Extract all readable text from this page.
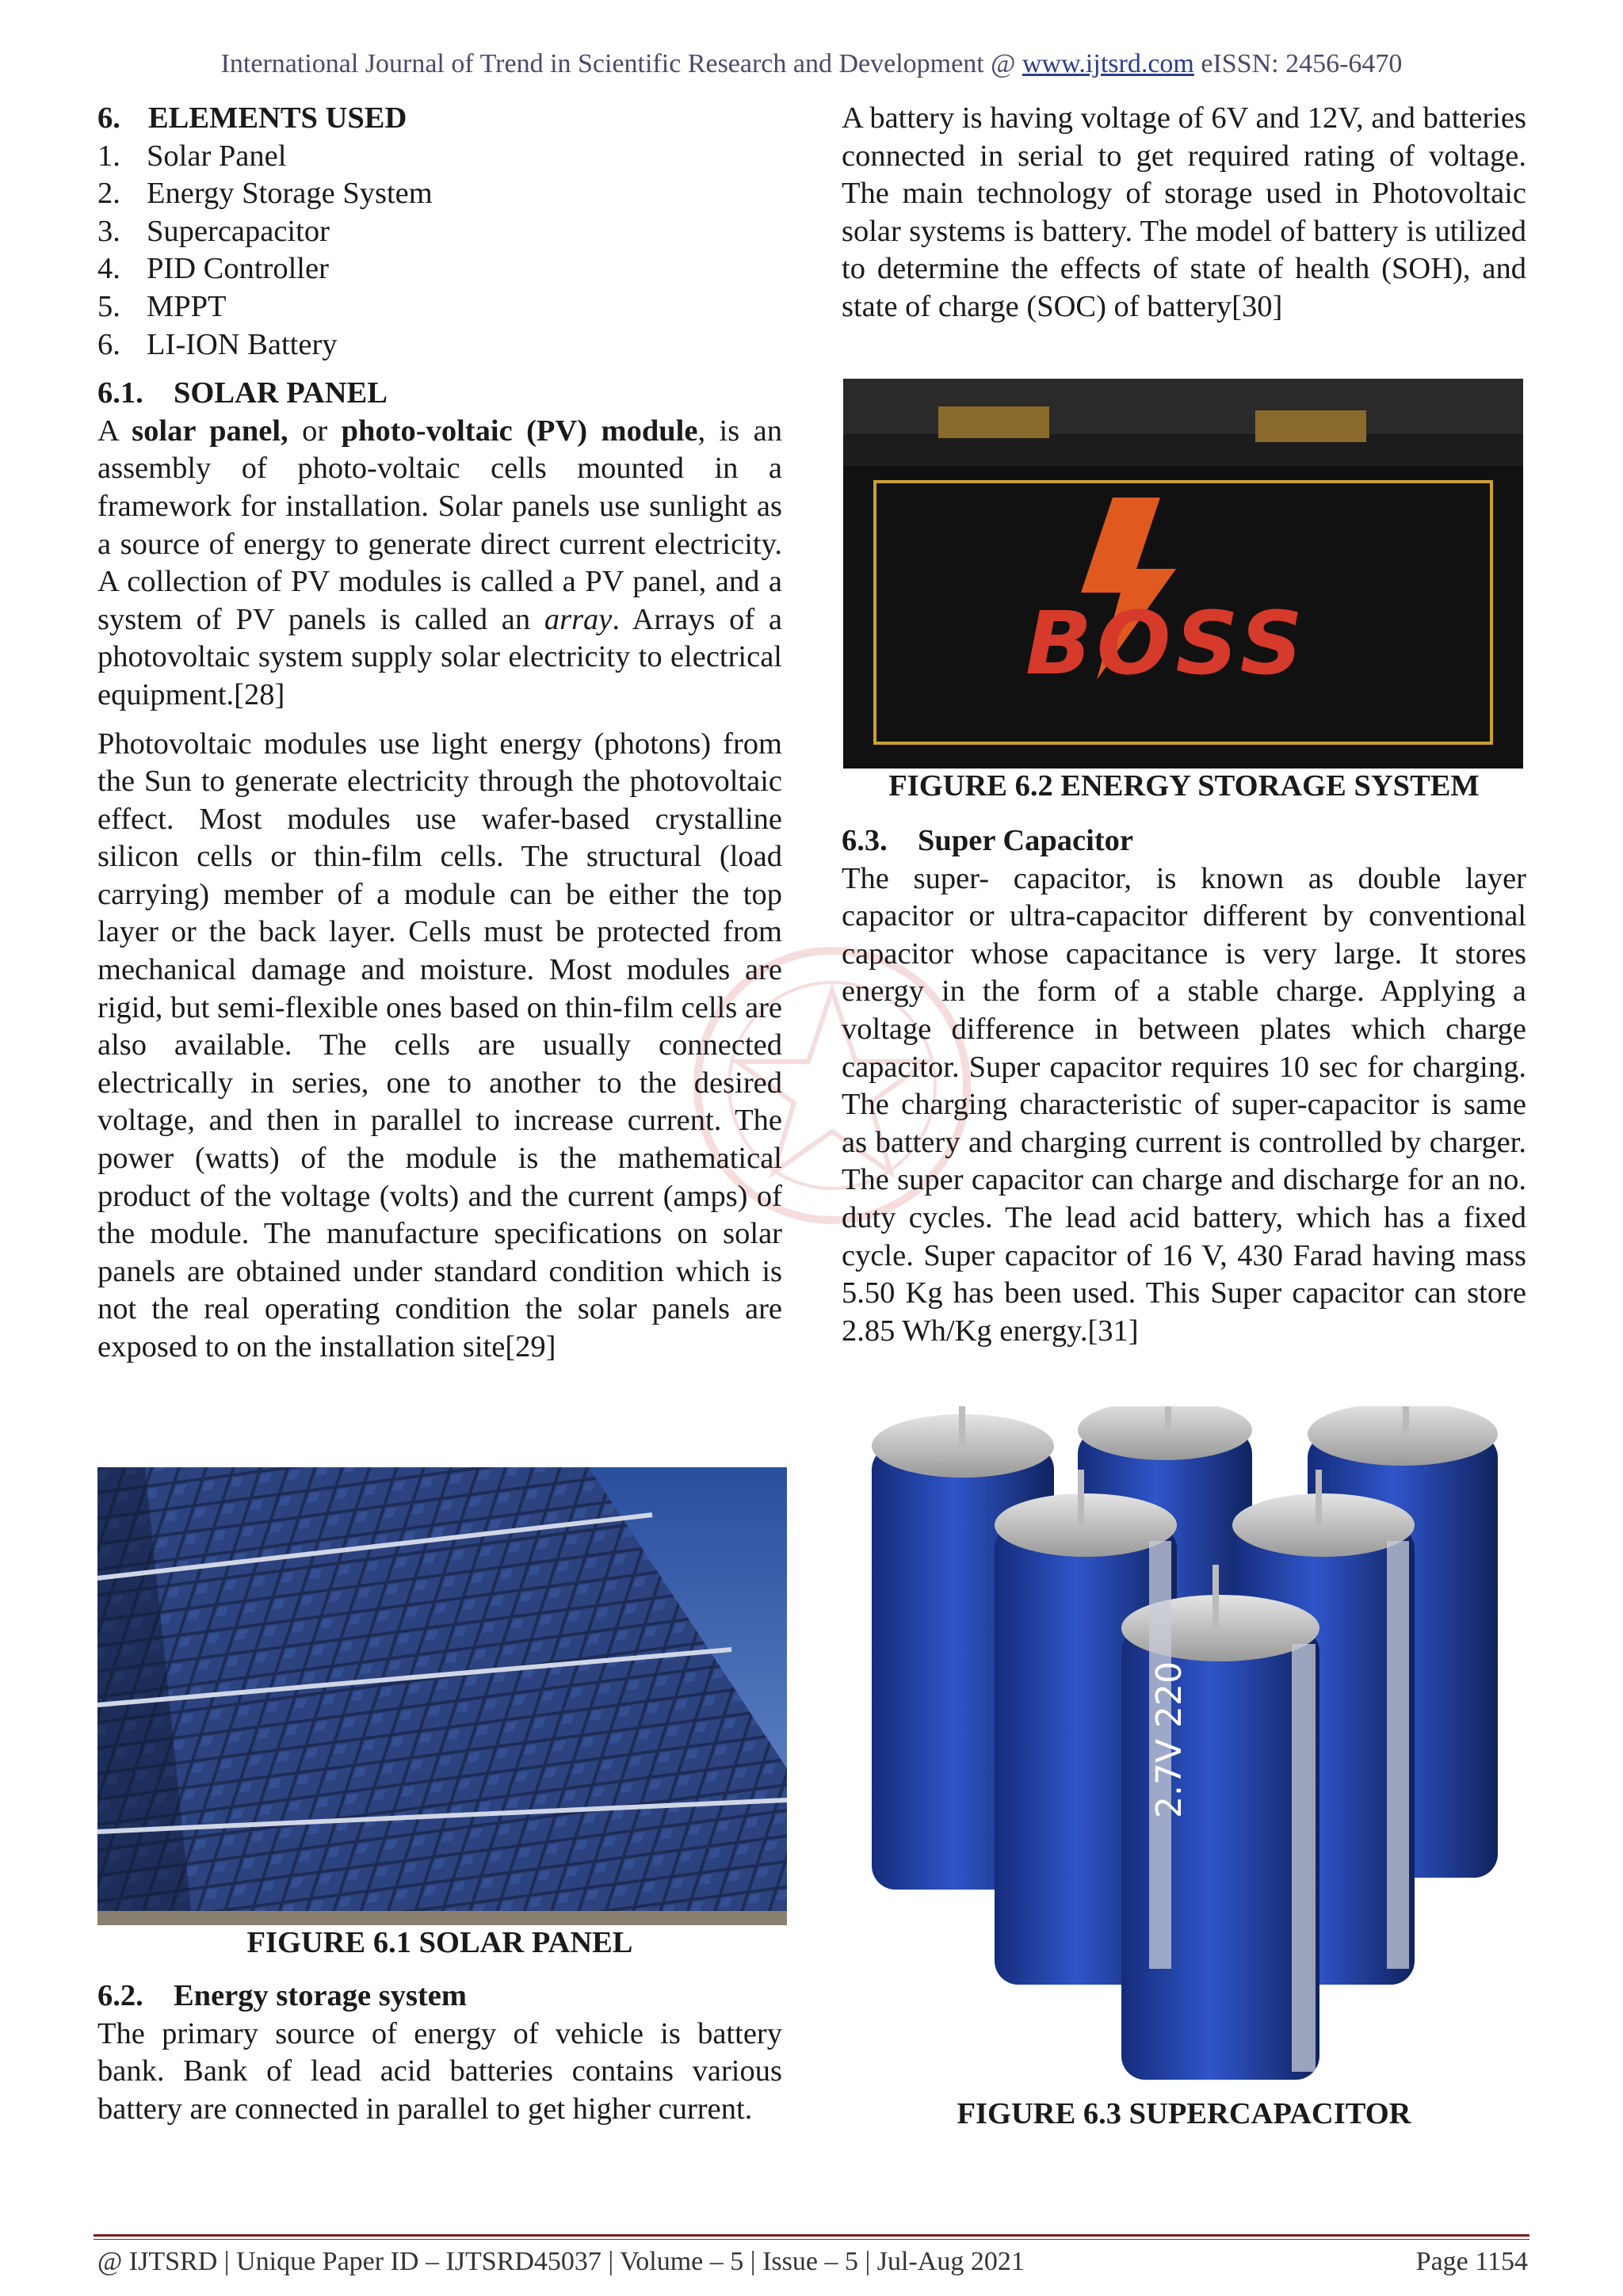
International Journal of Trend in Scientific Research and Development @ www.ijtsrd.com eISSN: 2456-6470
6. ELEMENTS USED
1. Solar Panel
2. Energy Storage System
3. Supercapacitor
4. PID Controller
5. MPPT
6. LI-ION Battery
6.1. SOLAR PANEL

A solar panel, or photo-voltaic (PV) module, is an assembly of photo-voltaic cells mounted in a framework for installation. Solar panels use sunlight as a source of energy to generate direct current electricity. A collection of PV modules is called a PV panel, and a system of PV panels is called an array. Arrays of a photovoltaic system supply solar electricity to electrical equipment.[28]

Photovoltaic modules use light energy (photons) from the Sun to generate electricity through the photovoltaic effect. Most modules use wafer-based crystalline silicon cells or thin-film cells. The structural (load carrying) member of a module can be either the top layer or the back layer. Cells must be protected from mechanical damage and moisture. Most modules are rigid, but semi-flexible ones based on thin-film cells are also available. The cells are usually connected electrically in series, one to another to the desired voltage, and then in parallel to increase current. The power (watts) of the module is the mathematical product of the voltage (volts) and the current (amps) of the module. The manufacture specifications on solar panels are obtained under standard condition which is not the real operating condition the solar panels are exposed to on the installation site[29]

FIGURE 6.1 SOLAR PANEL
6.2. Energy storage system

The primary source of energy of vehicle is battery bank. Bank of lead acid batteries contains various battery are connected in parallel to get higher current.

A battery is having voltage of 6V and 12V, and batteries connected in serial to get required rating of voltage. The main technology of storage used in Photovoltaic solar systems is battery. The model of battery is utilized to determine the effects of state of health (SOH), and state of charge (SOC) of battery[30]

BOSS
FIGURE 6.2 ENERGY STORAGE SYSTEM
6.3. Super Capacitor

The super- capacitor, is known as double layer capacitor or ultra-capacitor different by conventional capacitor whose capacitance is very large. It stores energy in the form of a stable charge. Applying a voltage difference in between plates which charge capacitor. Super capacitor requires 10 sec for charging. The charging characteristic of super-capacitor is same as battery and charging current is controlled by charger. The super capacitor can charge and discharge for an no. duty cycles. The lead acid battery, which has a fixed cycle. Super capacitor of 16 V, 430 Farad having mass 5.50 Kg has been used. This Super capacitor can store 2.85 Wh/Kg energy.[31]

2.7V 220
FIGURE 6.3 SUPERCAPACITOR
@ IJTSRD | Unique Paper ID – IJTSRD45037 | Volume – 5 | Issue – 5 | Jul-Aug 2021	Page 1154
